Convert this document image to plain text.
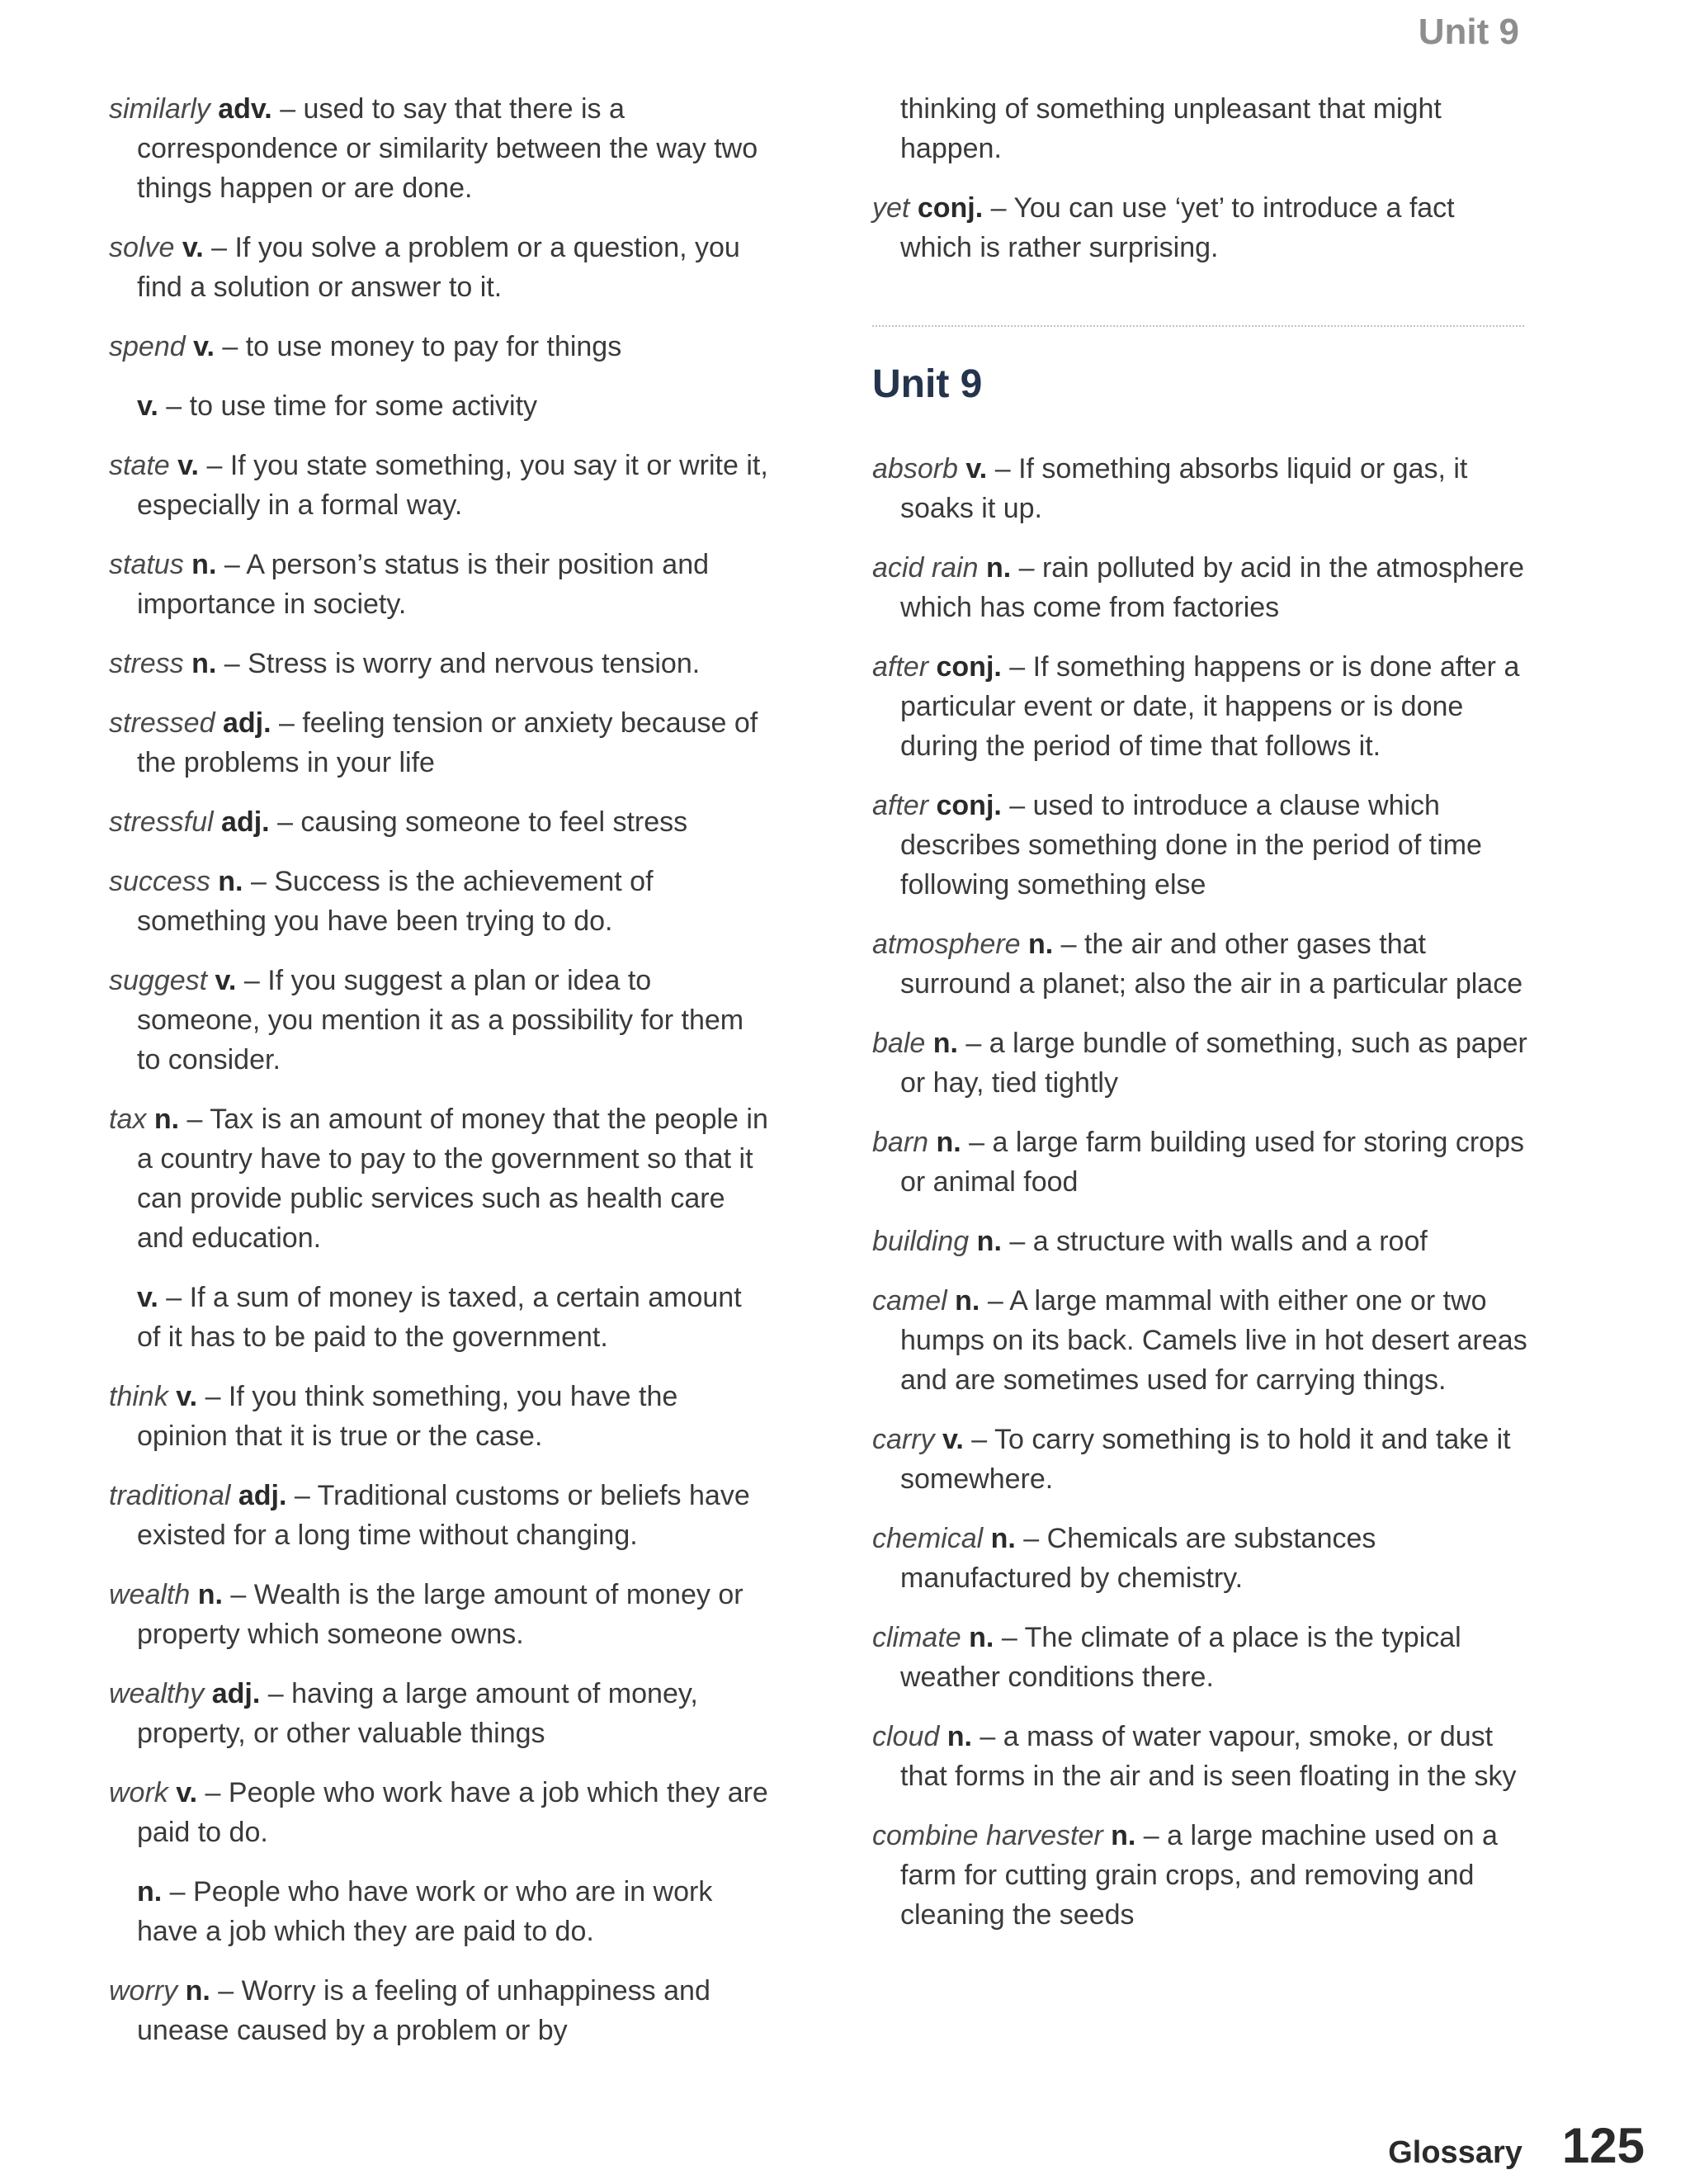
Unit 9

similarly adv. – used to say that there is a correspondence or similarity between the way two things happen or are done.

solve v. – If you solve a problem or a question, you find a solution or answer to it.

spend v. – to use money to pay for things

v. – to use time for some activity

state v. – If you state something, you say it or write it, especially in a formal way.

status n. – A person’s status is their position and importance in society.

stress n. – Stress is worry and nervous tension.

stressed adj. – feeling tension or anxiety because of the problems in your life

stressful adj. – causing someone to feel stress

success n. – Success is the achievement of something you have been trying to do.

suggest v. – If you suggest a plan or idea to someone, you mention it as a possibility for them to consider.

tax n. – Tax is an amount of money that the people in a country have to pay to the government so that it can provide public services such as health care and education.

v. – If a sum of money is taxed, a certain amount of it has to be paid to the government.

think v. – If you think something, you have the opinion that it is true or the case.

traditional adj. – Traditional customs or beliefs have existed for a long time without changing.

wealth n. – Wealth is the large amount of money or property which someone owns.

wealthy adj. – having a large amount of money, property, or other valuable things

work v. – People who work have a job which they are paid to do.

n. – People who have work or who are in work have a job which they are paid to do.

worry n. – Worry is a feeling of unhappiness and unease caused by a problem or by

thinking of something unpleasant that might happen.

yet conj. – You can use ‘yet’ to introduce a fact which is rather surprising.

Unit 9

absorb v. – If something absorbs liquid or gas, it soaks it up.

acid rain n. – rain polluted by acid in the atmosphere which has come from factories

after conj. – If something happens or is done after a particular event or date, it happens or is done during the period of time that follows it.

after conj. – used to introduce a clause which describes something done in the period of time following something else

atmosphere n. – the air and other gases that surround a planet; also the air in a particular place

bale n. – a large bundle of something, such as paper or hay, tied tightly

barn n. – a large farm building used for storing crops or animal food

building n. – a structure with walls and a roof

camel n. – A large mammal with either one or two humps on its back. Camels live in hot desert areas and are sometimes used for carrying things.

carry v. – To carry something is to hold it and take it somewhere.

chemical n. – Chemicals are substances manufactured by chemistry.

climate n. – The climate of a place is the typical weather conditions there.

cloud n. – a mass of water vapour, smoke, or dust that forms in the air and is seen floating in the sky

combine harvester n. – a large machine used on a farm for cutting grain crops, and removing and cleaning the seeds

Glossary 125
